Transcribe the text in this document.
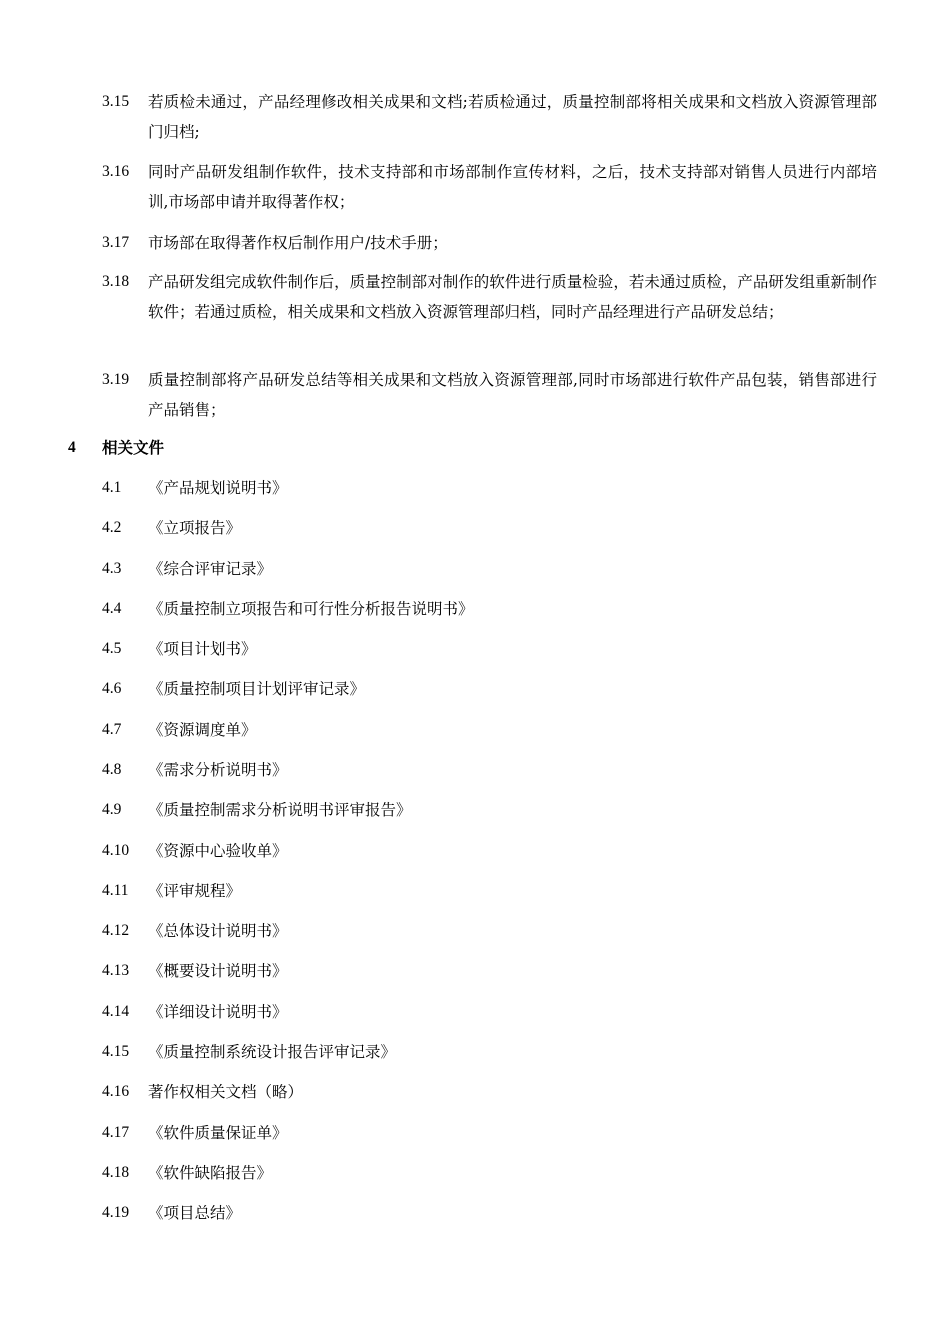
3.15 若质检未通过，产品经理修改相关成果和文档;若质检通过，质量控制部将相关成果和文档放入资源管理部门归档;
3.16 同时产品研发组制作软件，技术支持部和市场部制作宣传材料，之后，技术支持部对销售人员进行内部培训,市场部申请并取得著作权；
3.17 市场部在取得著作权后制作用户/技术手册；
3.18 产品研发组完成软件制作后，质量控制部对制作的软件进行质量检验，若未通过质检，产品研发组重新制作软件；若通过质检，相关成果和文档放入资源管理部归档，同时产品经理进行产品研发总结；
3.19 质量控制部将产品研发总结等相关成果和文档放入资源管理部,同时市场部进行软件产品包装，销售部进行产品销售；
4 相关文件
4.1 《产品规划说明书》
4.2 《立项报告》
4.3 《综合评审记录》
4.4 《质量控制立项报告和可行性分析报告说明书》
4.5 《项目计划书》
4.6 《质量控制项目计划评审记录》
4.7 《资源调度单》
4.8 《需求分析说明书》
4.9 《质量控制需求分析说明书评审报告》
4.10 《资源中心验收单》
4.11 《评审规程》
4.12 《总体设计说明书》
4.13 《概要设计说明书》
4.14 《详细设计说明书》
4.15 《质量控制系统设计报告评审记录》
4.16 著作权相关文档（略）
4.17 《软件质量保证单》
4.18 《软件缺陷报告》
4.19 《项目总结》
